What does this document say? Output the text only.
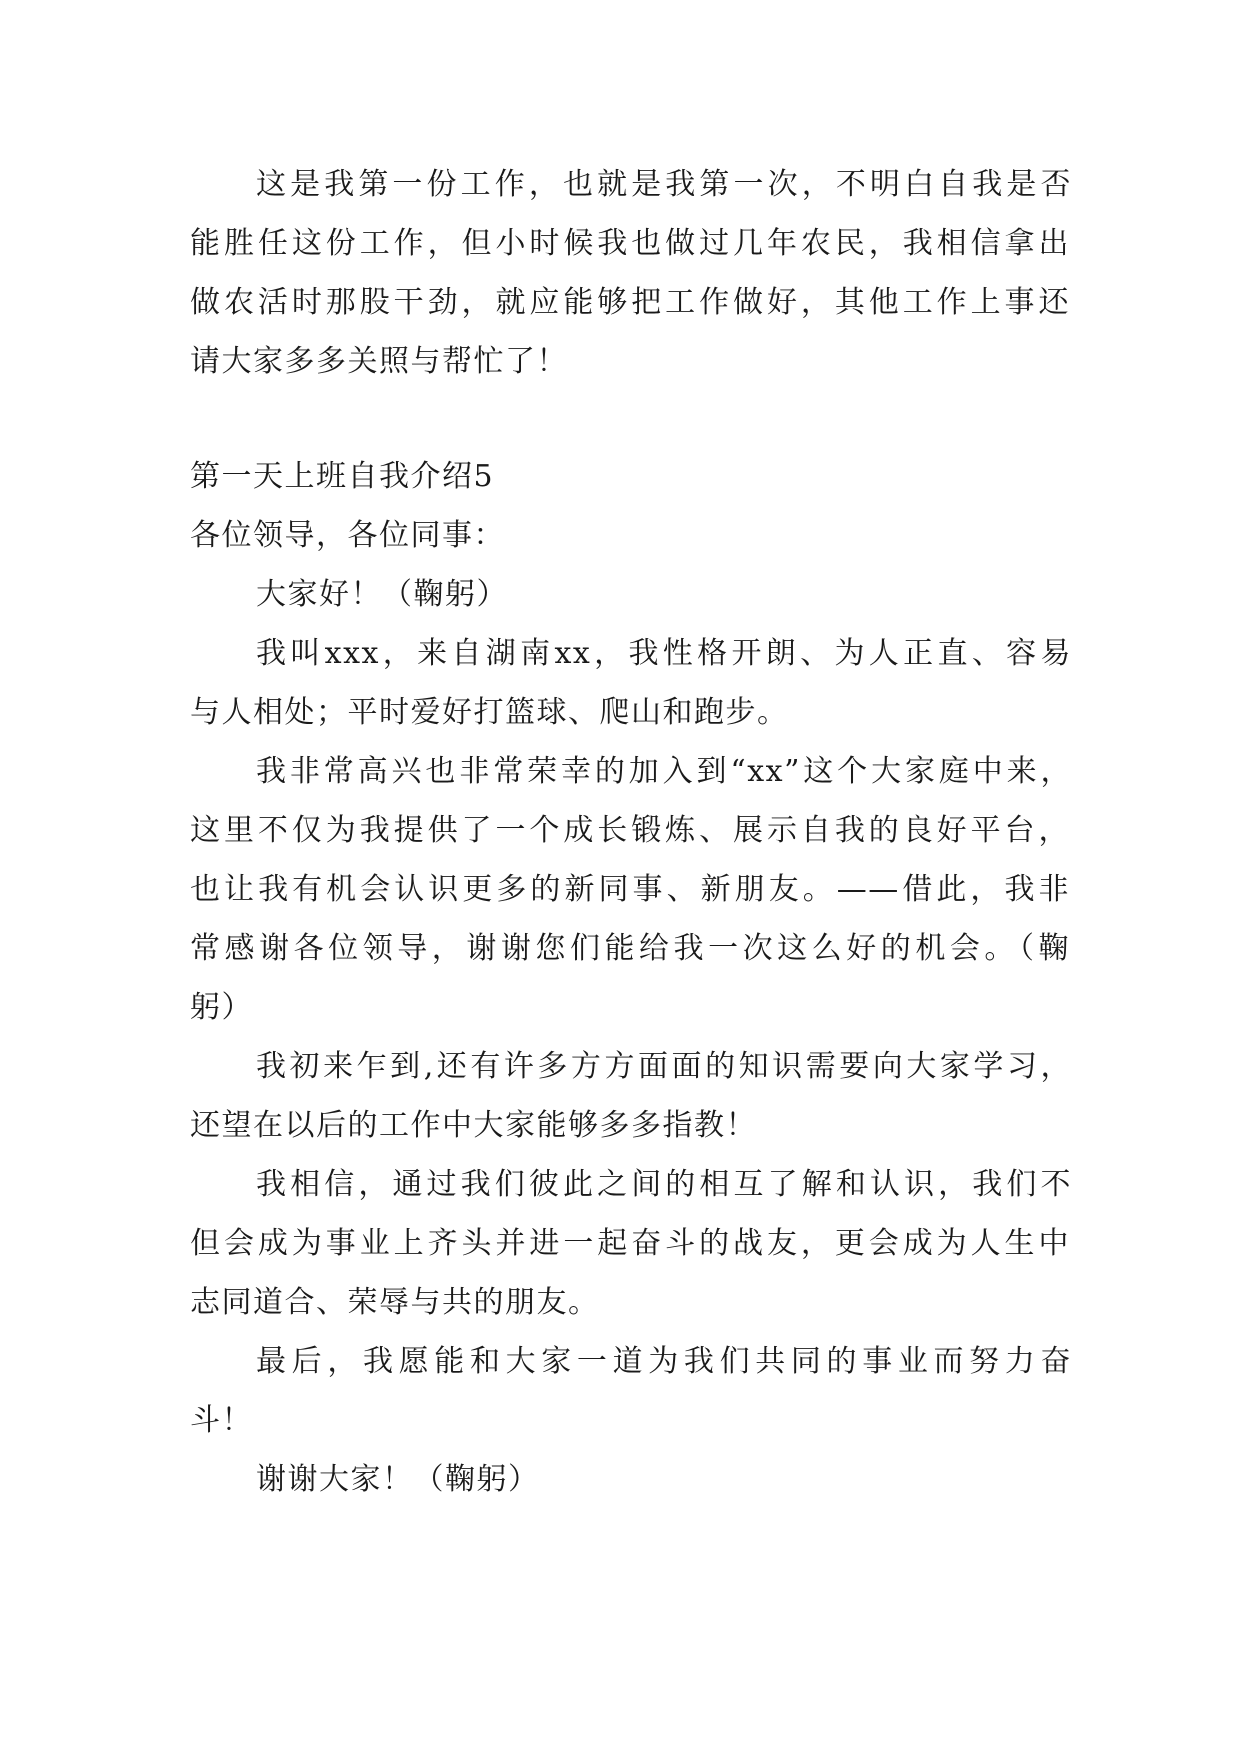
这是我第一份工作，也就是我第一次，不明白自我是否
能胜任这份工作，但小时候我也做过几年农民，我相信拿出
做农活时那股干劲，就应能够把工作做好，其他工作上事还
请大家多多关照与帮忙了！
第一天上班自我介绍5
各位领导，各位同事：
大家好！（鞠躬）
我叫xxx，来自湖南xx，我性格开朗、为人正直、容易
与人相处；平时爱好打篮球、爬山和跑步。
我非常高兴也非常荣幸的加入到“xx”这个大家庭中来，
这里不仅为我提供了一个成长锻炼、展示自我的良好平台，
也让我有机会认识更多的新同事、新朋友。——借此，我非
常感谢各位领导，谢谢您们能给我一次这么好的机会。（鞠
躬）
我初来乍到,还有许多方方面面的知识需要向大家学习，
还望在以后的工作中大家能够多多指教！
我相信，通过我们彼此之间的相互了解和认识，我们不
但会成为事业上齐头并进一起奋斗的战友，更会成为人生中
志同道合、荣辱与共的朋友。
最后，我愿能和大家一道为我们共同的事业而努力奋
斗！
谢谢大家！（鞠躬）
